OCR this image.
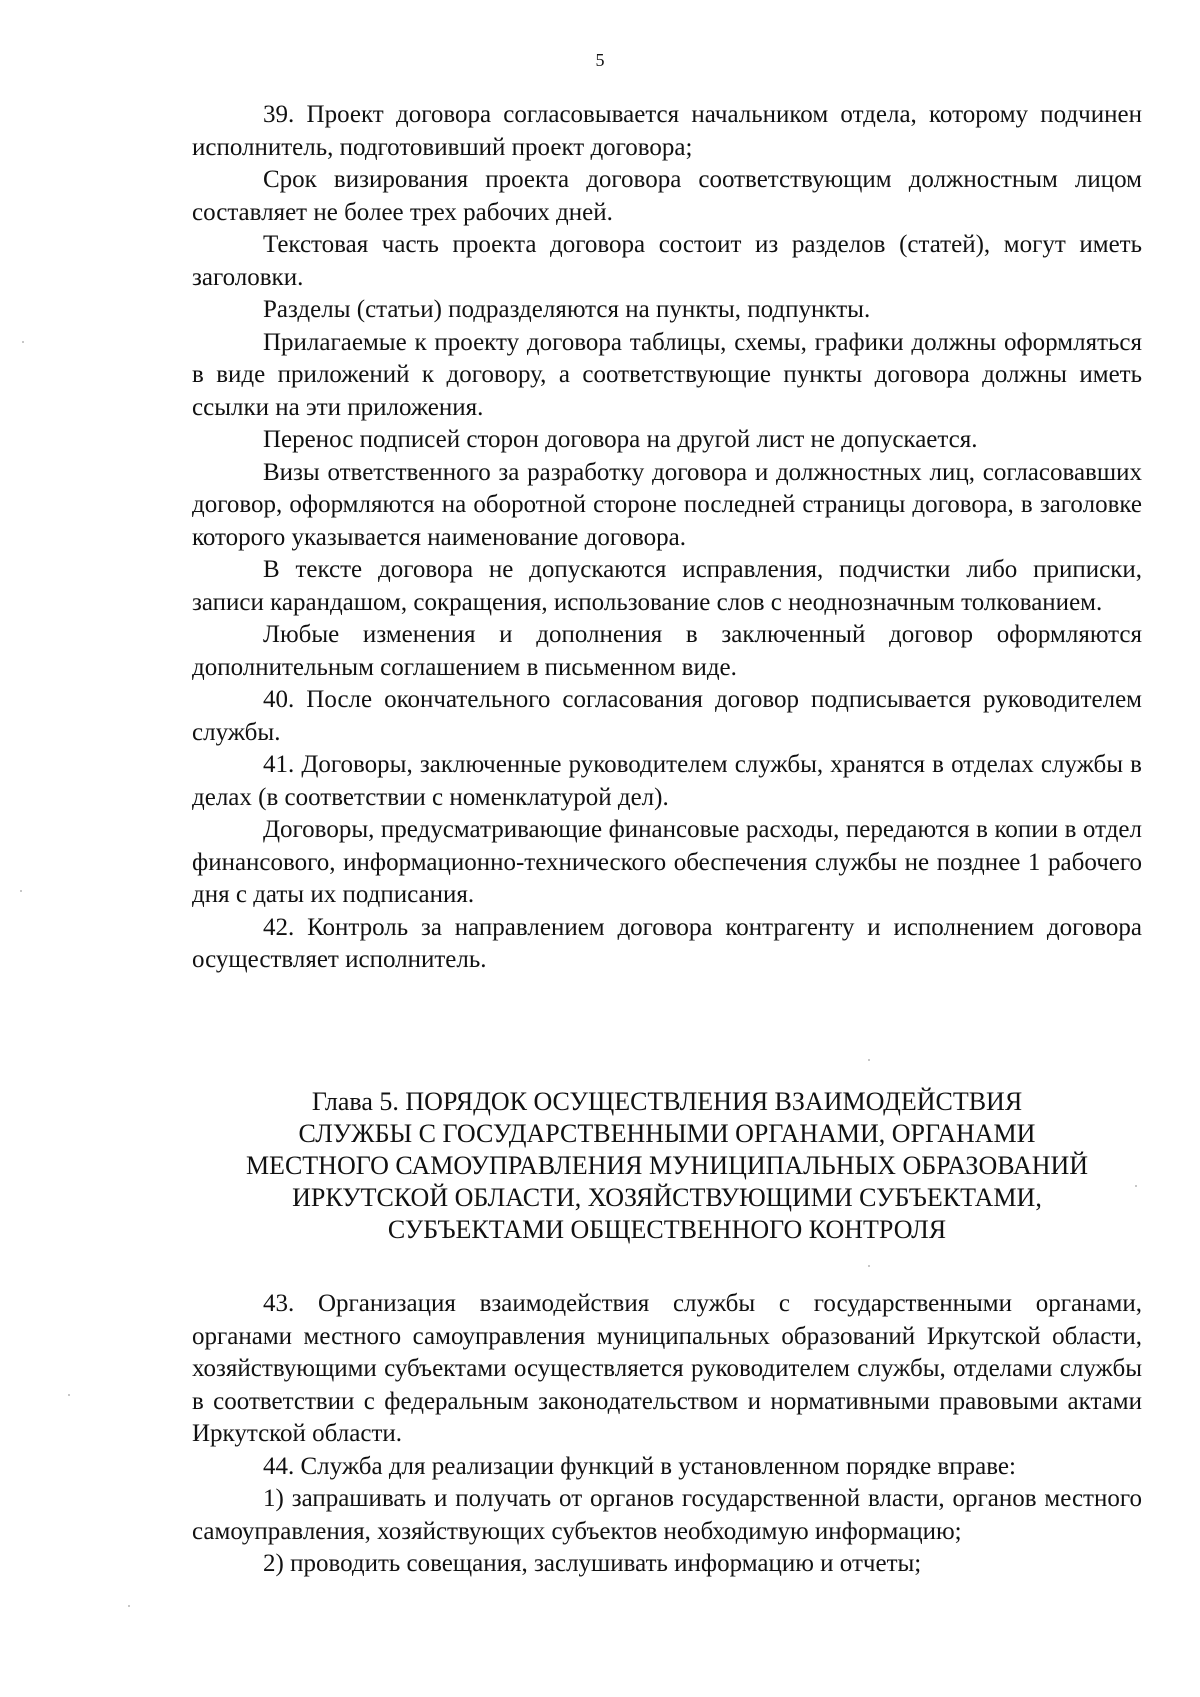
5

39. Проект договора согласовывается начальником отдела, которому подчинен исполнитель, подготовивший проект договора;

Срок визирования проекта договора соответствующим должностным лицом составляет не более трех рабочих дней.

Текстовая часть проекта договора состоит из разделов (статей), могут иметь заголовки.

Разделы (статьи) подразделяются на пункты, подпункты.

Прилагаемые к проекту договора таблицы, схемы, графики должны оформляться в виде приложений к договору, а соответствующие пункты договора должны иметь ссылки на эти приложения.

Перенос подписей сторон договора на другой лист не допускается.

Визы ответственного за разработку договора и должностных лиц, согласовавших договор, оформляются на оборотной стороне последней страницы договора, в заголовке которого указывается наименование договора.

В тексте договора не допускаются исправления, подчистки либо приписки, записи карандашом, сокращения, использование слов с неоднозначным толкованием.

Любые изменения и дополнения в заключенный договор оформляются дополнительным соглашением в письменном виде.

40. После окончательного согласования договор подписывается руководителем службы.

41. Договоры, заключенные руководителем службы, хранятся в отделах службы в делах (в соответствии с номенклатурой дел).

Договоры, предусматривающие финансовые расходы, передаются в копии в отдел финансового, информационно-технического обеспечения службы не позднее 1 рабочего дня с даты их подписания.

42. Контроль за направлением договора контрагенту и исполнением договора осуществляет исполнитель.

Глава 5. ПОРЯДОК ОСУЩЕСТВЛЕНИЯ ВЗАИМОДЕЙСТВИЯ
СЛУЖБЫ С ГОСУДАРСТВЕННЫМИ ОРГАНАМИ, ОРГАНАМИ
МЕСТНОГО САМОУПРАВЛЕНИЯ МУНИЦИПАЛЬНЫХ ОБРАЗОВАНИЙ
ИРКУТСКОЙ ОБЛАСТИ, ХОЗЯЙСТВУЮЩИМИ СУБЪЕКТАМИ,
СУБЪЕКТАМИ ОБЩЕСТВЕННОГО КОНТРОЛЯ

43. Организация взаимодействия службы с государственными органами, органами местного самоуправления муниципальных образований Иркутской области, хозяйствующими субъектами осуществляется руководителем службы, отделами службы в соответствии с федеральным законодательством и нормативными правовыми актами Иркутской области.

44. Служба для реализации функций в установленном порядке вправе:

1) запрашивать и получать от органов государственной власти, органов местного самоуправления, хозяйствующих субъектов необходимую информацию;

2) проводить совещания, заслушивать информацию и отчеты;
